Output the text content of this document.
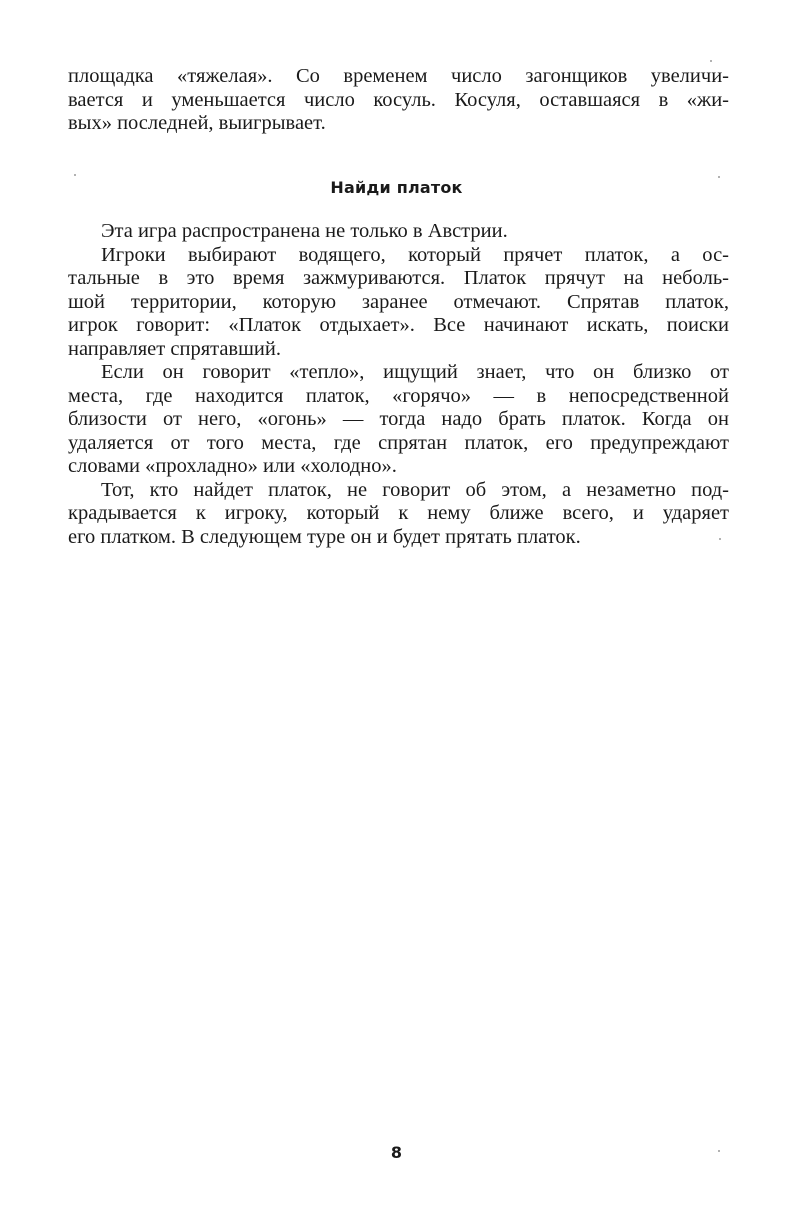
площадка «тяжелая». Со временем число загонщиков увеличи-
вается и уменьшается число косуль. Косуля, оставшаяся в «жи-
вых» последней, выигрывает.
Найди платок
Эта игра распространена не только в Австрии.
Игроки выбирают водящего, который прячет платок, а ос-
тальные в это время зажмуриваются. Платок прячут на неболь-
шой территории, которую заранее отмечают. Спрятав платок,
игрок говорит: «Платок отдыхает». Все начинают искать, поиски
направляет спрятавший.
Если он говорит «тепло», ищущий знает, что он близко от
места, где находится платок, «горячо» — в непосредственной
близости от него, «огонь» — тогда надо брать платок. Когда он
удаляется от того места, где спрятан платок, его предупреждают
словами «прохладно» или «холодно».
Тот, кто найдет платок, не говорит об этом, а незаметно под-
крадывается к игроку, который к нему ближе всего, и ударяет
его платком. В следующем туре он и будет прятать платок.
8
